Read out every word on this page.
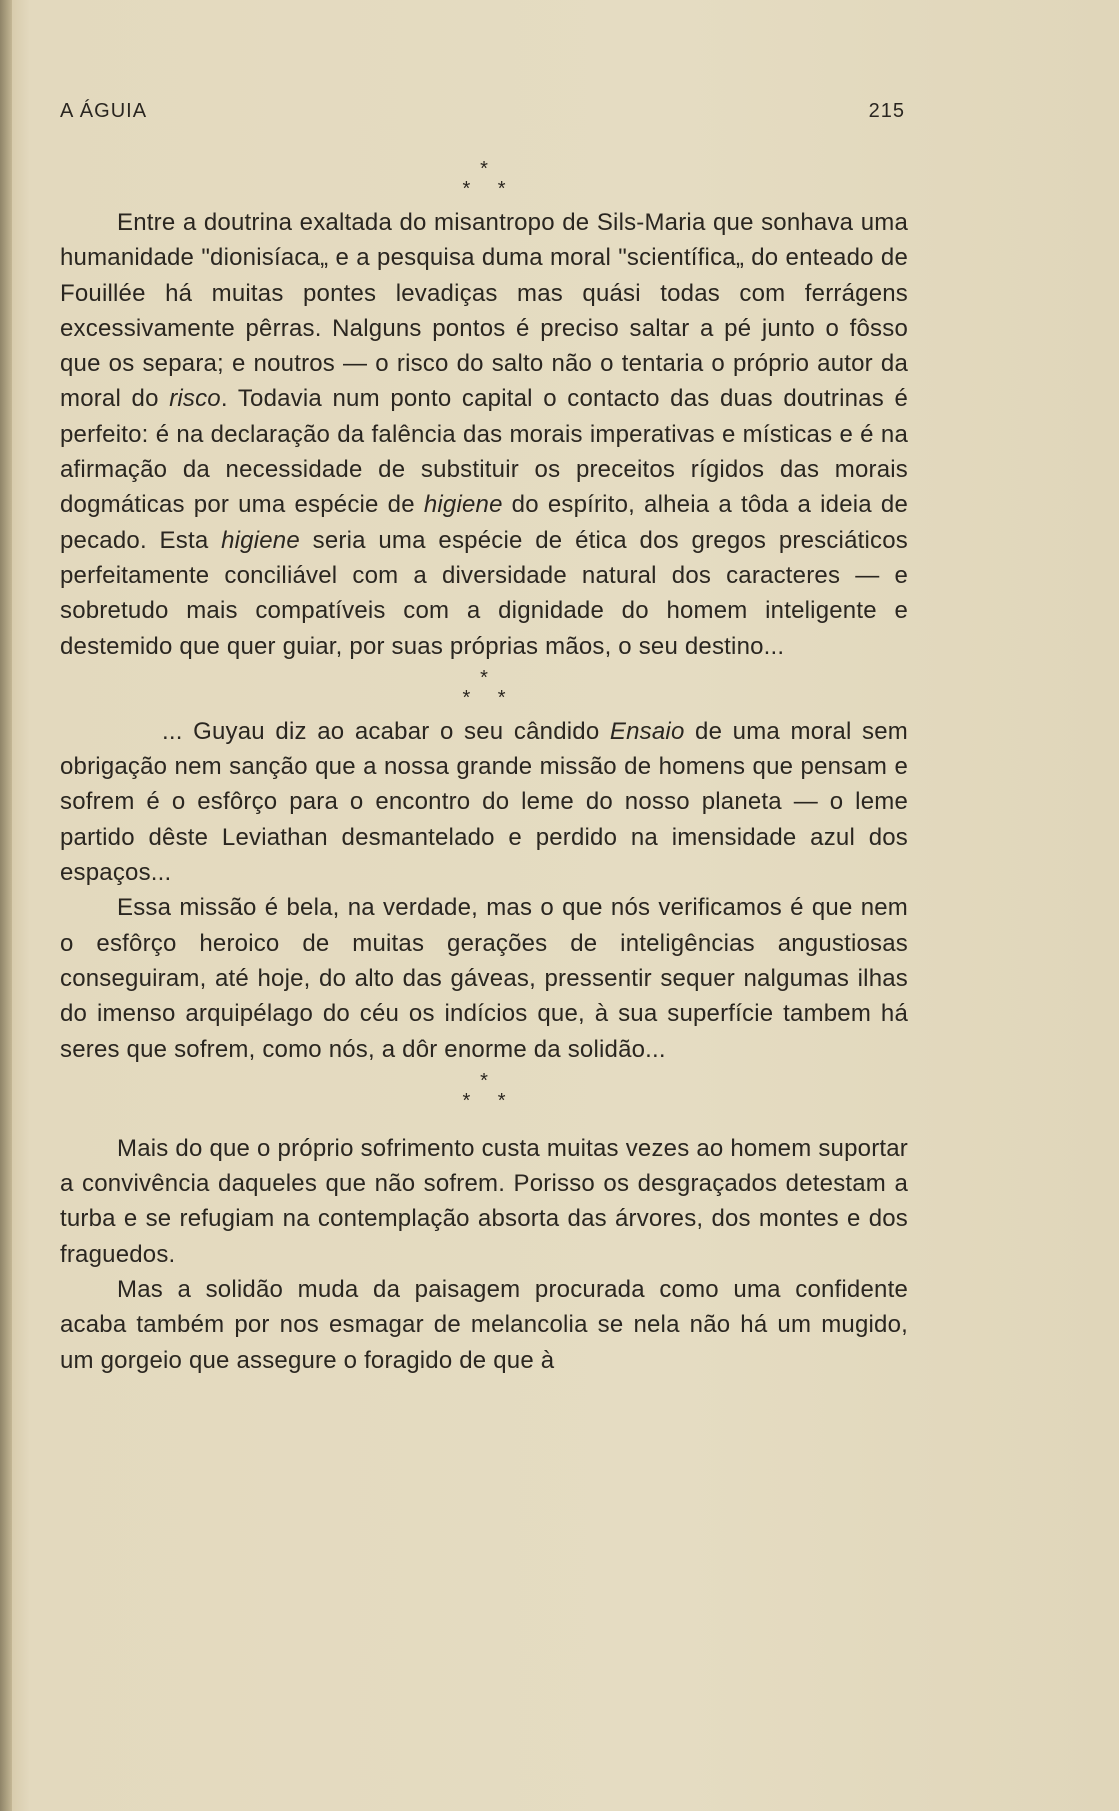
A ÁGUIA	215
*
* *

Entre a doutrina exaltada do misantropo de Sils-Maria que sonhava uma humanidade "dionisíaca„ e a pesquisa duma moral "scientífica„ do enteado de Fouillée há muitas pontes levadiças mas quási todas com ferrágens excessivamente pêrras. Nalguns pontos é preciso saltar a pé junto o fôsso que os separa; e noutros — o risco do salto não o tentaria o próprio autor da moral do risco. Todavia num ponto capital o contacto das duas doutrinas é perfeito: é na declaração da falência das morais imperativas e místicas e é na afirmação da necessidade de substituir os preceitos rígidos das morais dogmáticas por uma espécie de higiene do espírito, alheia a tôda a ideia de pecado. Esta higiene seria uma espécie de ética dos gregos presciáticos perfeitamente conciliável com a diversidade natural dos caracteres — e sobretudo mais compatíveis com a dignidade do homem inteligente e destemido que quer guiar, por suas próprias mãos, o seu destino...

*
* *

... Guyau diz ao acabar o seu cândido Ensaio de uma moral sem obrigação nem sanção que a nossa grande missão de homens que pensam e sofrem é o esfôrço para o encontro do leme do nosso planeta — o leme partido dêste Leviathan desmantelado e perdido na imensidade azul dos espaços...

Essa missão é bela, na verdade, mas o que nós verificamos é que nem o esfôrço heroico de muitas gerações de inteligências angustiosas conseguiram, até hoje, do alto das gáveas, pressentir sequer nalgumas ilhas do imenso arquipélago do céu os indícios que, à sua superfície tambem há seres que sofrem, como nós, a dôr enorme da solidão...

*
* *

Mais do que o próprio sofrimento custa muitas vezes ao homem suportar a convivência daqueles que não sofrem. Porisso os desgraçados detestam a turba e se refugiam na contemplação absorta das árvores, dos montes e dos fraguedos.

Mas a solidão muda da paisagem procurada como uma confidente acaba também por nos esmagar de melancolia se nela não há um mugido, um gorgeio que assegure o foragido de que à
